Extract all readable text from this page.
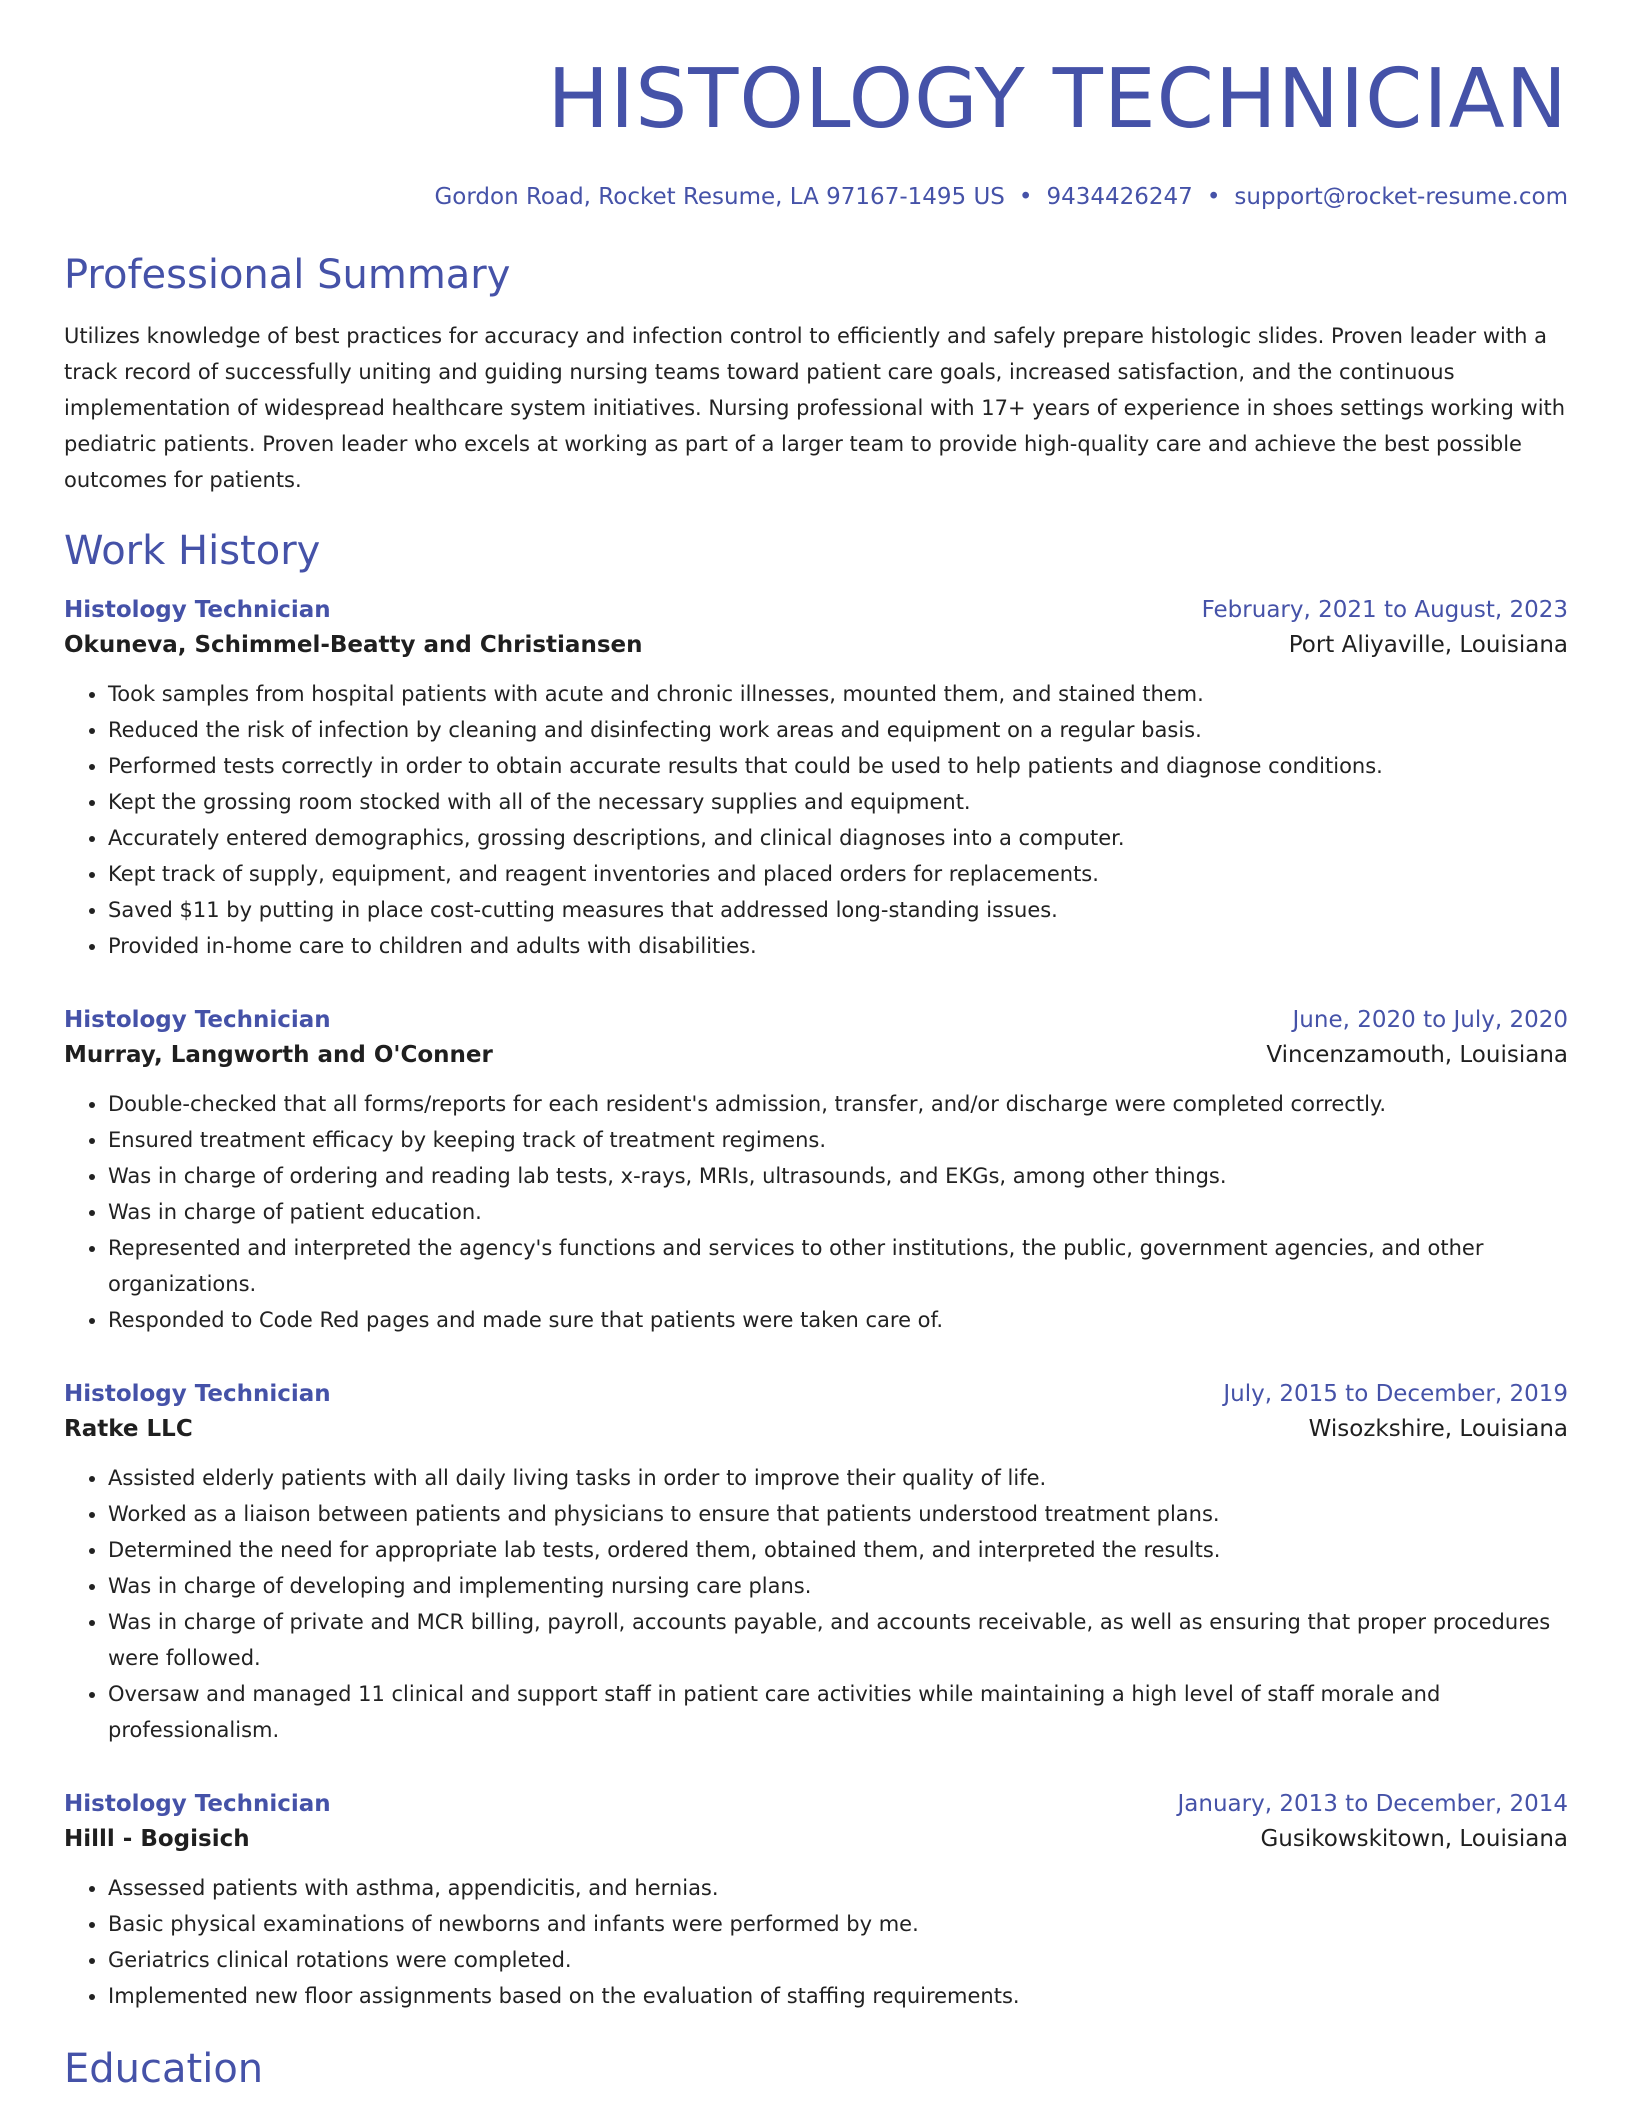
HISTOLOGY TECHNICIAN
Gordon Road, Rocket Resume, LA 97167-1495 US • 9434426247 • support@rocket-resume.com
Professional Summary
Utilizes knowledge of best practices for accuracy and infection control to efficiently and safely prepare histologic slides. Proven leader with a track record of successfully uniting and guiding nursing teams toward patient care goals, increased satisfaction, and the continuous implementation of widespread healthcare system initiatives. Nursing professional with 17+ years of experience in shoes settings working with pediatric patients. Proven leader who excels at working as part of a larger team to provide high-quality care and achieve the best possible outcomes for patients.
Work History
Histology Technician	February, 2021 to August, 2023
Okuneva, Schimmel-Beatty and Christiansen	Port Aliyaville, Louisiana
• Took samples from hospital patients with acute and chronic illnesses, mounted them, and stained them.
• Reduced the risk of infection by cleaning and disinfecting work areas and equipment on a regular basis.
• Performed tests correctly in order to obtain accurate results that could be used to help patients and diagnose conditions.
• Kept the grossing room stocked with all of the necessary supplies and equipment.
• Accurately entered demographics, grossing descriptions, and clinical diagnoses into a computer.
• Kept track of supply, equipment, and reagent inventories and placed orders for replacements.
• Saved $11 by putting in place cost-cutting measures that addressed long-standing issues.
• Provided in-home care to children and adults with disabilities.
Histology Technician	June, 2020 to July, 2020
Murray, Langworth and O'Conner	Vincenzamouth, Louisiana
• Double-checked that all forms/reports for each resident's admission, transfer, and/or discharge were completed correctly.
• Ensured treatment efficacy by keeping track of treatment regimens.
• Was in charge of ordering and reading lab tests, x-rays, MRIs, ultrasounds, and EKGs, among other things.
• Was in charge of patient education.
• Represented and interpreted the agency's functions and services to other institutions, the public, government agencies, and other organizations.
• Responded to Code Red pages and made sure that patients were taken care of.
Histology Technician	July, 2015 to December, 2019
Ratke LLC	Wisozkshire, Louisiana
• Assisted elderly patients with all daily living tasks in order to improve their quality of life.
• Worked as a liaison between patients and physicians to ensure that patients understood treatment plans.
• Determined the need for appropriate lab tests, ordered them, obtained them, and interpreted the results.
• Was in charge of developing and implementing nursing care plans.
• Was in charge of private and MCR billing, payroll, accounts payable, and accounts receivable, as well as ensuring that proper procedures were followed.
• Oversaw and managed 11 clinical and support staff in patient care activities while maintaining a high level of staff morale and professionalism.
Histology Technician	January, 2013 to December, 2014
Hilll - Bogisich	Gusikowskitown, Louisiana
• Assessed patients with asthma, appendicitis, and hernias.
• Basic physical examinations of newborns and infants were performed by me.
• Geriatrics clinical rotations were completed.
• Implemented new floor assignments based on the evaluation of staffing requirements.
Education
